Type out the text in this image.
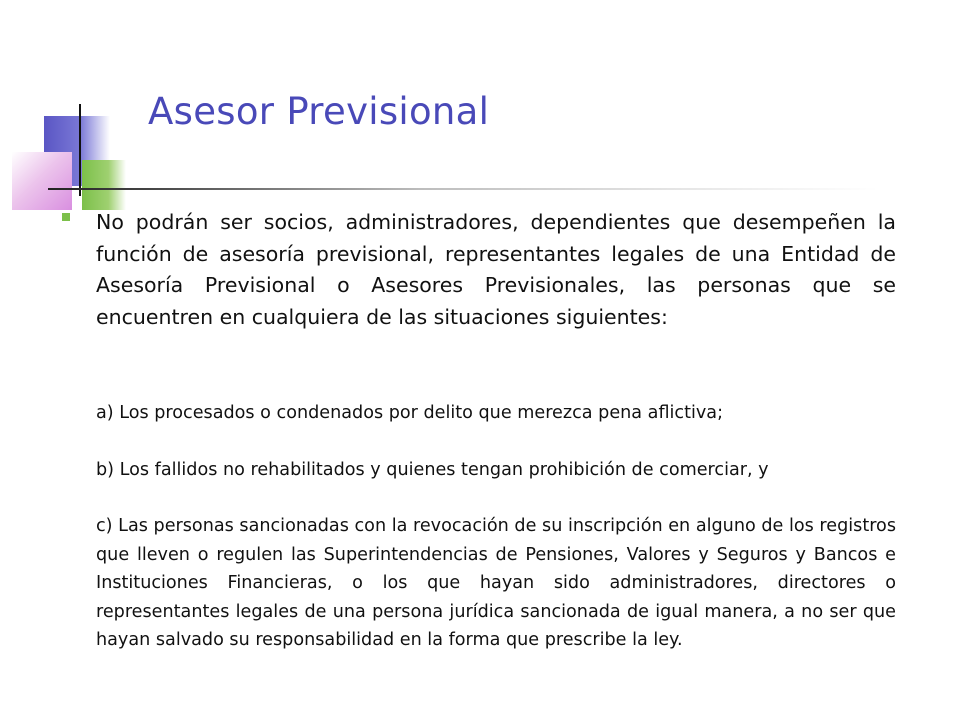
Asesor Previsional

No podrán ser socios, administradores, dependientes que desempeñen la función de asesoría previsional, representantes legales de una Entidad de Asesoría Previsional o Asesores Previsionales, las personas que se encuentren en cualquiera de las situaciones siguientes:

a) Los procesados o condenados por delito que merezca pena aflictiva;

b) Los fallidos no rehabilitados y quienes tengan prohibición de comerciar, y

c) Las personas sancionadas con la revocación de su inscripción en alguno de los registros que lleven o regulen las Superintendencias de Pensiones, Valores y Seguros y Bancos e Instituciones Financieras, o los que hayan sido administradores, directores o representantes legales de una persona jurídica sancionada de igual manera, a no ser que hayan salvado su responsabilidad en la forma que prescribe la ley.
